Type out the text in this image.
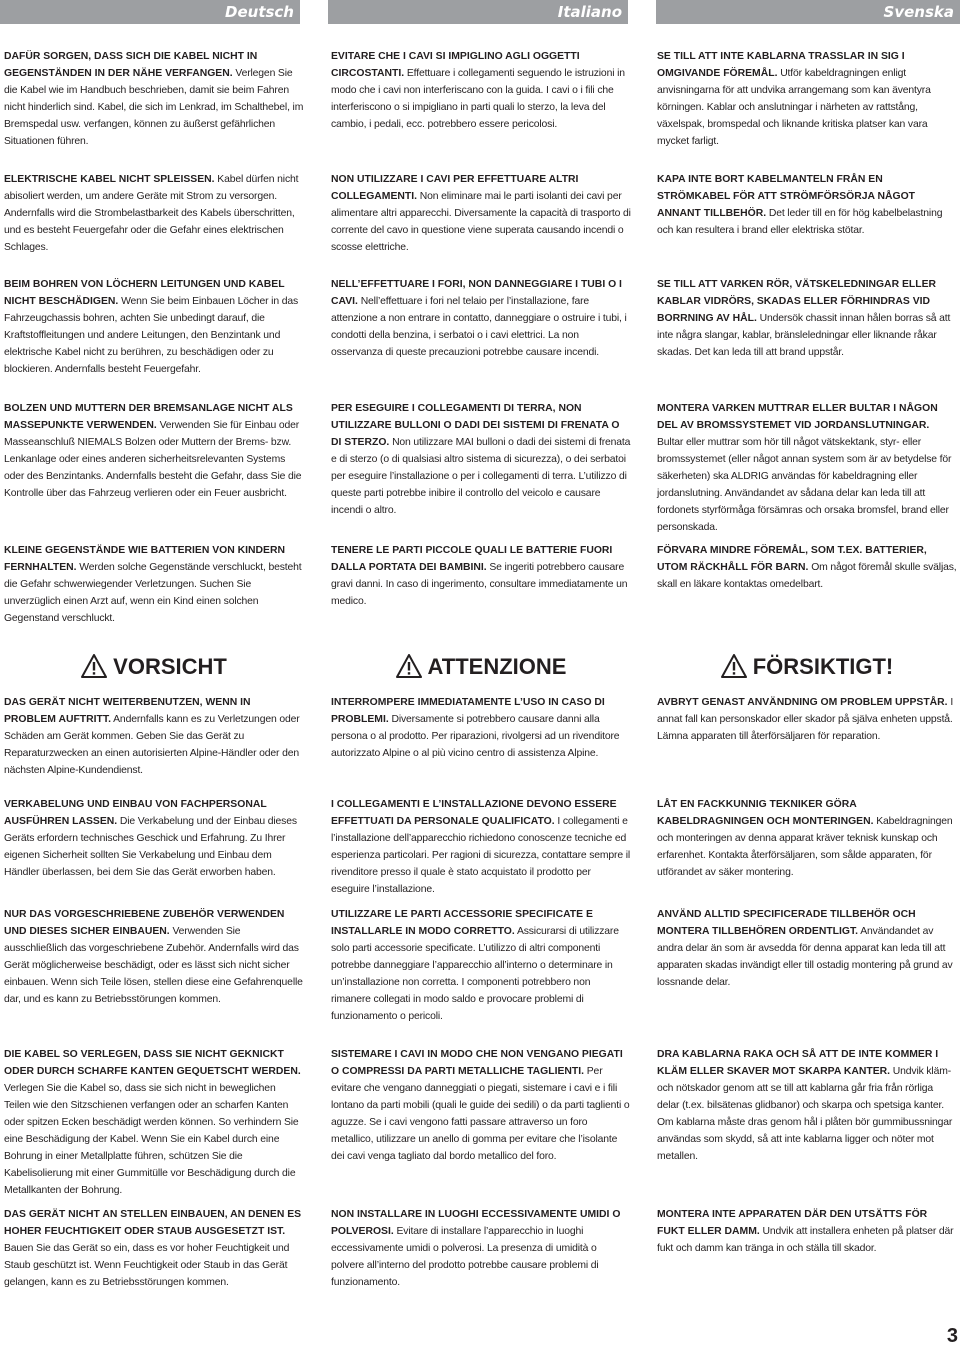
Deutsch	Italiano	Svenska
DAFÜR SORGEN, DASS SICH DIE KABEL NICHT IN GEGENSTÄNDEN IN DER NÄHE VERFANGEN. Verlegen Sie die Kabel wie im Handbuch beschrieben, damit sie beim Fahren nicht hinderlich sind. Kabel, die sich im Lenkrad, im Schalthebel, im Bremspedal usw. verfangen, können zu äußerst gefährlichen Situationen führen.
ELEKTRISCHE KABEL NICHT SPLEISSEN. Kabel dürfen nicht abisoliert werden, um andere Geräte mit Strom zu versorgen. Andernfalls wird die Strombelastbarkeit des Kabels überschritten, und es besteht Feuergefahr oder die Gefahr eines elektrischen Schlages.
BEIM BOHREN VON LÖCHERN LEITUNGEN UND KABEL NICHT BESCHÄDIGEN. Wenn Sie beim Einbauen Löcher in das Fahrzeugchassis bohren, achten Sie unbedingt darauf, die Kraftstoffleitungen und andere Leitungen, den Benzintank und elektrische Kabel nicht zu berühren, zu beschädigen oder zu blockieren. Andernfalls besteht Feuergefahr.
BOLZEN UND MUTTERN DER BREMSANLAGE NICHT ALS MASSEPUNKTE VERWENDEN. Verwenden Sie für Einbau oder Masseanschluß NIEMALS Bolzen oder Muttern der Brems- bzw. Lenkanlage oder eines anderen sicherheitsrelevanten Systems oder des Benzintanks. Andernfalls besteht die Gefahr, dass Sie die Kontrolle über das Fahrzeug verlieren oder ein Feuer ausbricht.
KLEINE GEGENSTÄNDE WIE BATTERIEN VON KINDERN FERNHALTEN. Werden solche Gegenstände verschluckt, besteht die Gefahr schwerwiegender Verletzungen. Suchen Sie unverzüglich einen Arzt auf, wenn ein Kind einen solchen Gegenstand verschluckt.
VORSICHT
DAS GERÄT NICHT WEITERBENUTZEN, WENN IN PROBLEM AUFTRITT. Andernfalls kann es zu Verletzungen oder Schäden am Gerät kommen. Geben Sie das Gerät zu Reparaturzwecken an einen autorisierten Alpine-Händler oder den nächsten Alpine-Kundendienst.
VERKABELUNG UND EINBAU VON FACHPERSONAL AUSFÜHREN LASSEN. Die Verkabelung und der Einbau dieses Geräts erfordern technisches Geschick und Erfahrung. Zu Ihrer eigenen Sicherheit sollten Sie Verkabelung und Einbau dem Händler überlassen, bei dem Sie das Gerät erworben haben.
NUR DAS VORGESCHRIEBENE ZUBEHÖR VERWENDEN UND DIESES SICHER EINBAUEN. Verwenden Sie ausschließlich das vorgeschriebene Zubehör. Andernfalls wird das Gerät möglicherweise beschädigt, oder es lässt sich nicht sicher einbauen. Wenn sich Teile lösen, stellen diese eine Gefahrenquelle dar, und es kann zu Betriebsstörungen kommen.
DIE KABEL SO VERLEGEN, DASS SIE NICHT GEKNICKT ODER DURCH SCHARFE KANTEN GEQUETSCHT WERDEN. Verlegen Sie die Kabel so, dass sie sich nicht in beweglichen Teilen wie den Sitzschienen verfangen oder an scharfen Kanten oder spitzen Ecken beschädigt werden können. So verhindern Sie eine Beschädigung der Kabel. Wenn Sie ein Kabel durch eine Bohrung in einer Metallplatte führen, schützen Sie die Kabelisolierung mit einer Gummitülle vor Beschädigung durch die Metallkanten der Bohrung.
DAS GERÄT NICHT AN STELLEN EINBAUEN, AN DENEN ES HOHER FEUCHTIGKEIT ODER STAUB AUSGESETZT IST. Bauen Sie das Gerät so ein, dass es vor hoher Feuchtigkeit und Staub geschützt ist. Wenn Feuchtigkeit oder Staub in das Gerät gelangen, kann es zu Betriebsstörungen kommen.
EVITARE CHE I CAVI SI IMPIGLINO AGLI OGGETTI CIRCOSTANTI. Effettuare i collegamenti seguendo le istruzioni in modo che i cavi non interferiscano con la guida. I cavi o i fili che interferiscono o si impigliano in parti quali lo sterzo, la leva del cambio, i pedali, ecc. potrebbero essere pericolosi.
NON UTILIZZARE I CAVI PER EFFETTUARE ALTRI COLLEGAMENTI. Non eliminare mai le parti isolanti dei cavi per alimentare altri apparecchi. Diversamente la capacità di trasporto di corrente del cavo in questione viene superata causando incendi o scosse elettriche.
NELL’EFFETTUARE I FORI, NON DANNEGGIARE I TUBI O I CAVI. Nell’effettuare i fori nel telaio per l’installazione, fare attenzione a non entrare in contatto, danneggiare o ostruire i tubi, i condotti della benzina, i serbatoi o i cavi elettrici. La non osservanza di queste precauzioni potrebbe causare incendi.
PER ESEGUIRE I COLLEGAMENTI DI TERRA, NON UTILIZZARE BULLONI O DADI DEI SISTEMI DI FRENATA O DI STERZO. Non utilizzare MAI bulloni o dadi dei sistemi di frenata e di sterzo (o di qualsiasi altro sistema di sicurezza), o dei serbatoi per eseguire l’installazione o per i collegamenti di terra. L’utilizzo di queste parti potrebbe inibire il controllo del veicolo e causare incendi o altro.
TENERE LE PARTI PICCOLE QUALI LE BATTERIE FUORI DALLA PORTATA DEI BAMBINI. Se ingeriti potrebbero causare gravi danni. In caso di ingerimento, consultare immediatamente un medico.
ATTENZIONE
INTERROMPERE IMMEDIATAMENTE L’USO IN CASO DI PROBLEMI. Diversamente si potrebbero causare danni alla persona o al prodotto. Per riparazioni, rivolgersi ad un rivenditore autorizzato Alpine o al più vicino centro di assistenza Alpine.
I COLLEGAMENTI E L’INSTALLAZIONE DEVONO ESSERE EFFETTUATI DA PERSONALE QUALIFICATO. I collegamenti e l’installazione dell’apparecchio richiedono conoscenze tecniche ed esperienza particolari. Per ragioni di sicurezza, contattare sempre il rivenditore presso il quale è stato acquistato il prodotto per eseguire l’installazione.
UTILIZZARE LE PARTI ACCESSORIE SPECIFICATE E INSTALLARLE IN MODO CORRETTO. Assicurarsi di utilizzare solo parti accessorie specificate. L’utilizzo di altri componenti potrebbe danneggiare l’apparecchio all’interno o determinare in un’installazione non corretta. I componenti potrebbero non rimanere collegati in modo saldo e provocare problemi di funzionamento o pericoli.
SISTEMARE I CAVI IN MODO CHE NON VENGANO PIEGATI O COMPRESSI DA PARTI METALLICHE TAGLIENTI. Per evitare che vengano danneggiati o piegati, sistemare i cavi e i fili lontano da parti mobili (quali le guide dei sedili) o da parti taglienti o aguzze. Se i cavi vengono fatti passare attraverso un foro metallico, utilizzare un anello di gomma per evitare che l’isolante dei cavi venga tagliato dal bordo metallico del foro.
NON INSTALLARE IN LUOGHI ECCESSIVAMENTE UMIDI O POLVEROSI. Evitare di installare l’apparecchio in luoghi eccessivamente umidi o polverosi. La presenza di umidità o polvere all’interno del prodotto potrebbe causare problemi di funzionamento.
SE TILL ATT INTE KABLARNA TRASSLAR IN SIG I OMGIVANDE FÖREMÅL. Utför kabeldragningen enligt anvisningarna för att undvika arrangemang som kan äventyra körningen. Kablar och anslutningar i närheten av rattstång, växelspak, bromspedal och liknande kritiska platser kan vara mycket farligt.
KAPA INTE BORT KABELMANTELN FRÅN EN STRÖMKABEL FÖR ATT STRÖMFÖRSÖRJA NÅGOT ANNANT TILLBEHÖR. Det leder till en för hög kabelbelastning och kan resultera i brand eller elektriska stötar.
SE TILL ATT VARKEN RÖR, VÄTSKELEDNINGAR ELLER KABLAR VIDRÖRS, SKADAS ELLER FÖRHINDRAS VID BORRNING AV HÅL. Undersök chassit innan hålen borras så att inte några slangar, kablar, bränsleledningar eller liknande råkar skadas. Det kan leda till att brand uppstår.
MONTERA VARKEN MUTTRAR ELLER BULTAR I NÅGON DEL AV BROMSSYSTEMET VID JORDANSLUTNINGAR. Bultar eller muttrar som hör till något vätskektank, styr- eller bromssystemet (eller något annan system som är av betydelse för säkerheten) ska ALDRIG användas för kabeldragning eller jordanslutning. Användandet av sådana delar kan leda till att fordonets styrförmåga försämras och orsaka bromsfel, brand eller personskada.
FÖRVARA MINDRE FÖREMÅL, SOM T.EX. BATTERIER, UTOM RÄCKHÅLL FÖR BARN. Om något föremål skulle sväljas, skall en läkare kontaktas omedelbart.
FÖRSIKTIGT!
AVBRYT GENAST ANVÄNDNING OM PROBLEM UPPSTÅR. I annat fall kan personskador eller skador på själva enheten uppstå. Lämna apparaten till återförsäljaren för reparation.
LÅT EN FACKKUNNIG TEKNIKER GÖRA KABELDRAGNINGEN OCH MONTERINGEN. Kabeldragningen och monteringen av denna apparat kräver teknisk kunskap och erfarenhet. Kontakta återförsäljaren, som sålde apparaten, för utförandet av säker montering.
ANVÄND ALLTID SPECIFICERADE TILLBEHÖR OCH MONTERA TILLBEHÖREN ORDENTLIGT. Användandet av andra delar än som är avsedda för denna apparat kan leda till att apparaten skadas invändigt eller till ostadig montering på grund av lossnande delar.
DRA KABLARNA RAKA OCH SÅ ATT DE INTE KOMMER I KLÄM ELLER SKAVER MOT SKARPA KANTER. Undvik kläm- och nötskador genom att se till att kablarna går fria från rörliga delar (t.ex. bilsätenas glidbanor) och skarpa och spetsiga kanter. Om kablarna måste dras genom hål i plåten bör gummibussningar användas som skydd, så att inte kablarna ligger och nöter mot metallen.
MONTERA INTE APPARATEN DÄR DEN UTSÄTTS FÖR FUKT ELLER DAMM. Undvik att installera enheten på platser där fukt och damm kan tränga in och ställa till skador.
3
